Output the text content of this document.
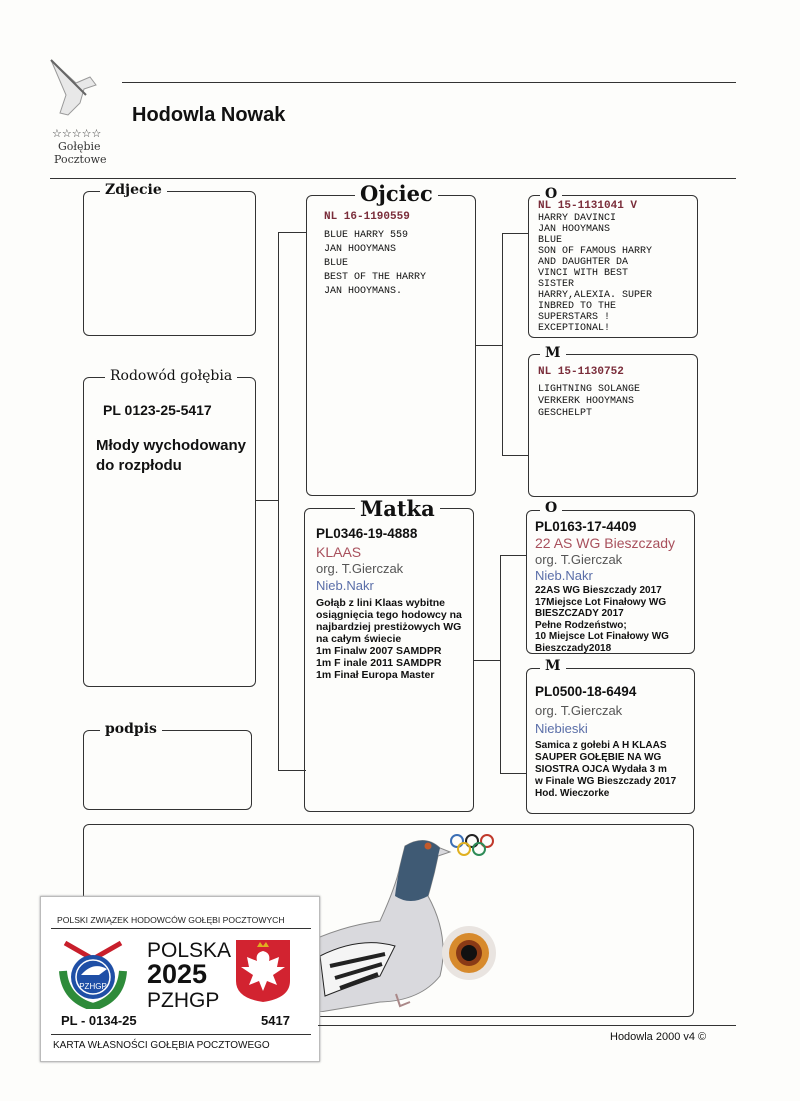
☆☆☆☆☆
Gołębie
Pocztowe
Hodowla Nowak
Zdjecie
Rodowód gołębia
PL 0123-25-5417
Młody wychodowany do rozpłodu
podpis
Ojciec
NL 16-1190559
BLUE HARRY 559
JAN HOOYMANS
BLUE
BEST OF THE HARRY
JAN HOOYMANS.
O
NL 15-1131041 V
HARRY DAVINCI
JAN HOOYMANS
BLUE
SON OF FAMOUS HARRY
AND DAUGHTER DA
VINCI WITH BEST
SISTER
HARRY,ALEXIA. SUPER
INBRED TO THE
SUPERSTARS !
EXCEPTIONAL!
M
NL 15-1130752
LIGHTNING SOLANGE
VERKERK HOOYMANS
GESCHELPT
Matka
PL0346-19-4888
KLAAS
org. T.Gierczak
Nieb.Nakr
Gołąb z lini Klaas wybitne
osiągnięcia tego hodowcy na
najbardziej prestiżowych WG
na całym świecie
1m Finalw 2007 SAMDPR
1m F inale 2011 SAMDPR
1m Finał Europa Master
O
PL0163-17-4409
22 AS WG Bieszczady
org. T.Gierczak
Nieb.Nakr
22AS WG Bieszczady 2017
17Miejsce Lot Finałowy WG
BIESZCZADY 2017
Pełne Rodzeństwo;
10 Miejsce Lot Finałowy WG
Bieszczady2018
M
PL0500-18-6494
org. T.Gierczak
Niebieski
Samica z gołebi A H KLAAS
SAUPER GOŁĘBIE NA WG
SIOSTRA OJCA Wydała 3 m
w Finale WG Bieszczady 2017
Hod. Wieczorke
POLSKI ZWIĄZEK HODOWCÓW GOŁĘBI POCZTOWYCH
PZHGP
POLSKA
2025
PZHGP
PL - 0134-25	5417
KARTA WŁASNOŚCI GOŁĘBIA POCZTOWEGO
Hodowla 2000 v4 ©
